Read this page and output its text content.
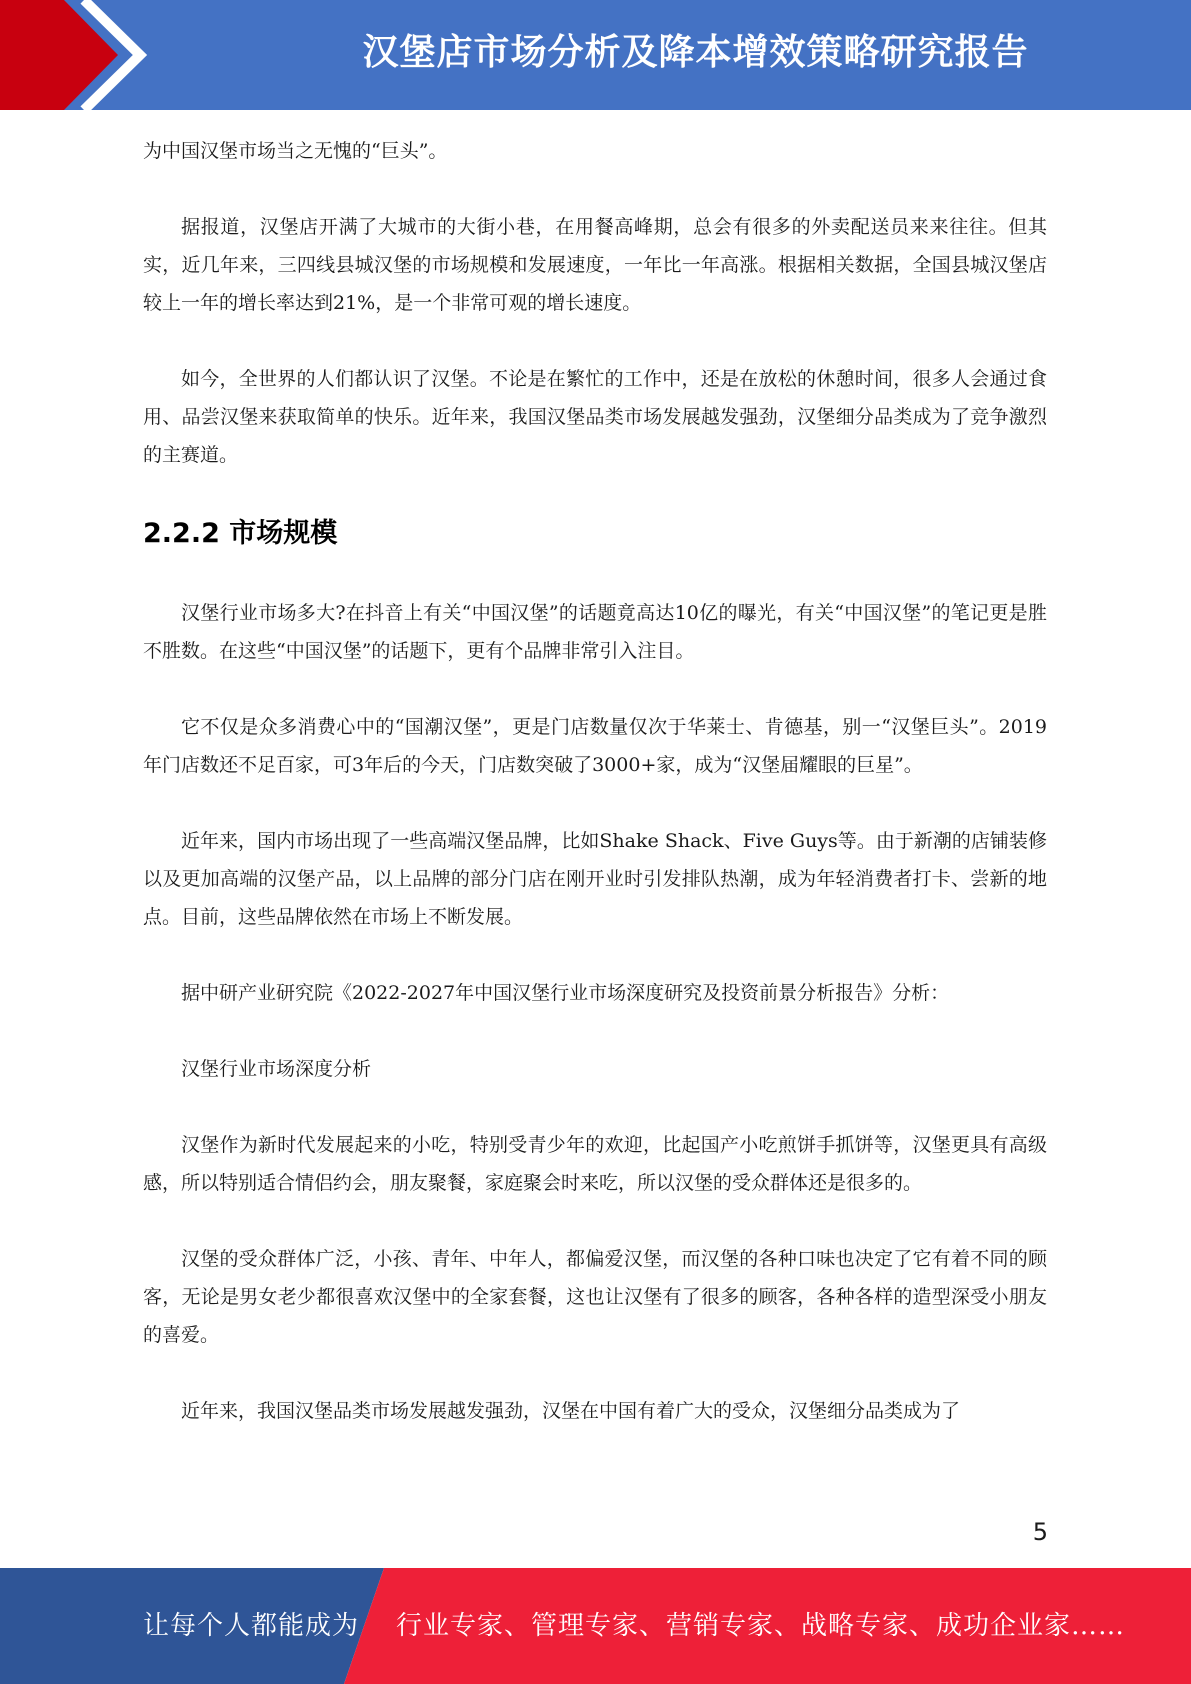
汉堡店市场分析及降本增效策略研究报告

为中国汉堡市场当之无愧的“巨头”。

据报道，汉堡店开满了大城市的大街小巷，在用餐高峰期，总会有很多的外卖配送员来来往往。但其实，近几年来，三四线县城汉堡的市场规模和发展速度，一年比一年高涨。根据相关数据，全国县城汉堡店较上一年的增长率达到21%，是一个非常可观的增长速度。

如今，全世界的人们都认识了汉堡。不论是在繁忙的工作中，还是在放松的休憩时间，很多人会通过食用、品尝汉堡来获取简单的快乐。近年来，我国汉堡品类市场发展越发强劲，汉堡细分品类成为了竞争激烈的主赛道。

2.2.2 市场规模

汉堡行业市场多大?在抖音上有关“中国汉堡”的话题竟高达10亿的曝光，有关“中国汉堡”的笔记更是胜不胜数。在这些“中国汉堡”的话题下，更有个品牌非常引入注目。

它不仅是众多消费心中的“国潮汉堡”，更是门店数量仅次于华莱士、肯德基，别一“汉堡巨头”。2019年门店数还不足百家，可3年后的今天，门店数突破了3000+家，成为“汉堡届耀眼的巨星”。

近年来，国内市场出现了一些高端汉堡品牌，比如Shake Shack、Five Guys等。由于新潮的店铺装修以及更加高端的汉堡产品，以上品牌的部分门店在刚开业时引发排队热潮，成为年轻消费者打卡、尝新的地点。目前，这些品牌依然在市场上不断发展。

据中研产业研究院《2022-2027年中国汉堡行业市场深度研究及投资前景分析报告》分析：

汉堡行业市场深度分析

汉堡作为新时代发展起来的小吃，特别受青少年的欢迎，比起国产小吃煎饼手抓饼等，汉堡更具有高级感，所以特别适合情侣约会，朋友聚餐，家庭聚会时来吃，所以汉堡的受众群体还是很多的。

汉堡的受众群体广泛，小孩、青年、中年人，都偏爱汉堡，而汉堡的各种口味也决定了它有着不同的顾客，无论是男女老少都很喜欢汉堡中的全家套餐，这也让汉堡有了很多的顾客，各种各样的造型深受小朋友的喜爱。

近年来，我国汉堡品类市场发展越发强劲，汉堡在中国有着广大的受众，汉堡细分品类成为了

5
让每个人都能成为 行业专家、管理专家、营销专家、战略专家、成功企业家……
